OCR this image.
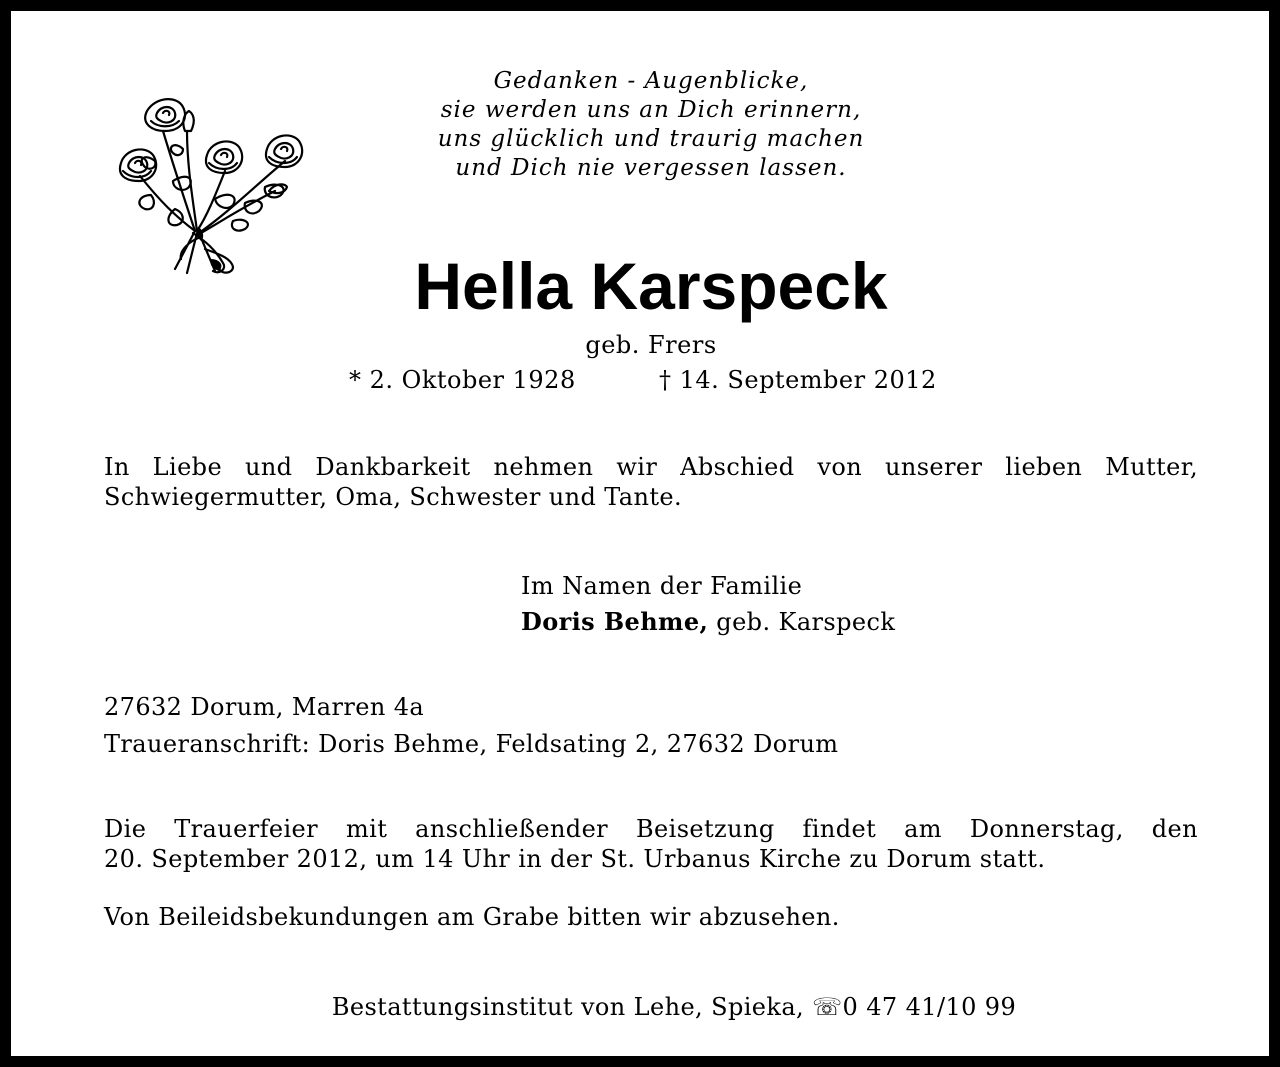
Gedanken - Augenblicke,
sie werden uns an Dich erinnern,
uns glücklich und traurig machen
und Dich nie vergessen lassen.
Hella Karspeck
geb. Frers
* 2. Oktober 1928	† 14. September 2012
In Liebe und Dankbarkeit nehmen wir Abschied von unserer lieben Mutter,
Schwiegermutter, Oma, Schwester und Tante.
Im Namen der Familie
Doris Behme, geb. Karspeck
27632 Dorum, Marren 4a
Traueranschrift: Doris Behme, Feldsating 2, 27632 Dorum
Die Trauerfeier mit anschließender Beisetzung findet am Donnerstag, den
20. September 2012, um 14 Uhr in der St. Urbanus Kirche zu Dorum statt.
Von Beileidsbekundungen am Grabe bitten wir abzusehen.
Bestattungsinstitut von Lehe, Spieka, ☏0 47 41/10 99
